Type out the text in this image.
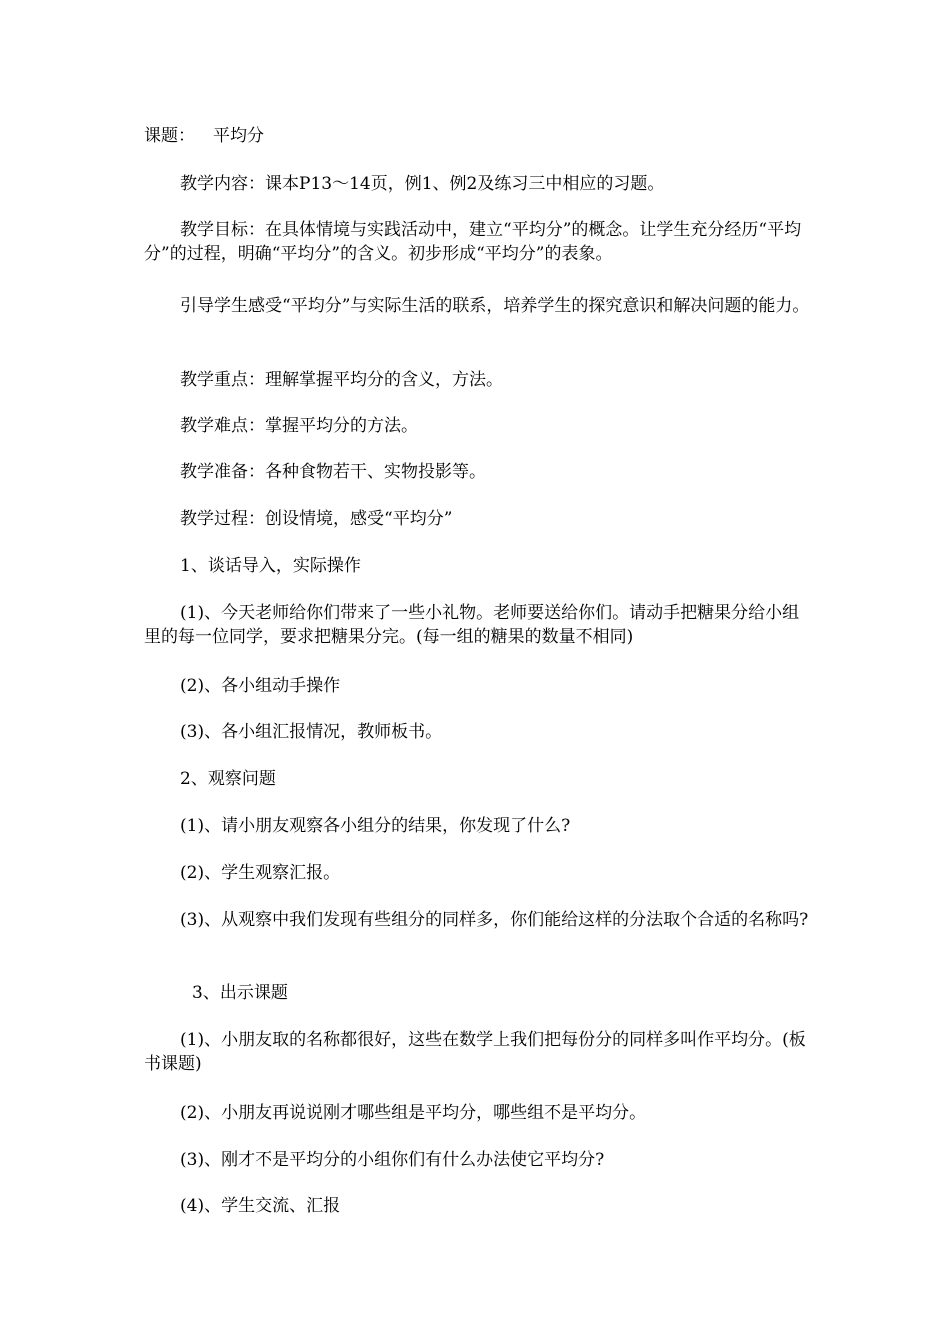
课题： 平均分

教学内容：课本P13～14页，例1、例2及练习三中相应的习题。

教学目标：在具体情境与实践活动中，建立“平均分”的概念。让学生充分经历“平均分”的过程，明确“平均分”的含义。初步形成“平均分”的表象。

引导学生感受“平均分”与实际生活的联系，培养学生的探究意识和解决问题的能力。

教学重点：理解掌握平均分的含义，方法。

教学难点：掌握平均分的方法。

教学准备：各种食物若干、实物投影等。

教学过程：创设情境，感受“平均分”

1、谈话导入，实际操作

(1)、今天老师给你们带来了一些小礼物。老师要送给你们。请动手把糖果分给小组里的每一位同学，要求把糖果分完。(每一组的糖果的数量不相同)

(2)、各小组动手操作

(3)、各小组汇报情况，教师板书。

2、观察问题

(1)、请小朋友观察各小组分的结果，你发现了什么?

(2)、学生观察汇报。

(3)、从观察中我们发现有些组分的同样多，你们能给这样的分法取个合适的名称吗?

3、出示课题

(1)、小朋友取的名称都很好，这些在数学上我们把每份分的同样多叫作平均分。(板书课题)

(2)、小朋友再说说刚才哪些组是平均分，哪些组不是平均分。

(3)、刚才不是平均分的小组你们有什么办法使它平均分?

(4)、学生交流、汇报
